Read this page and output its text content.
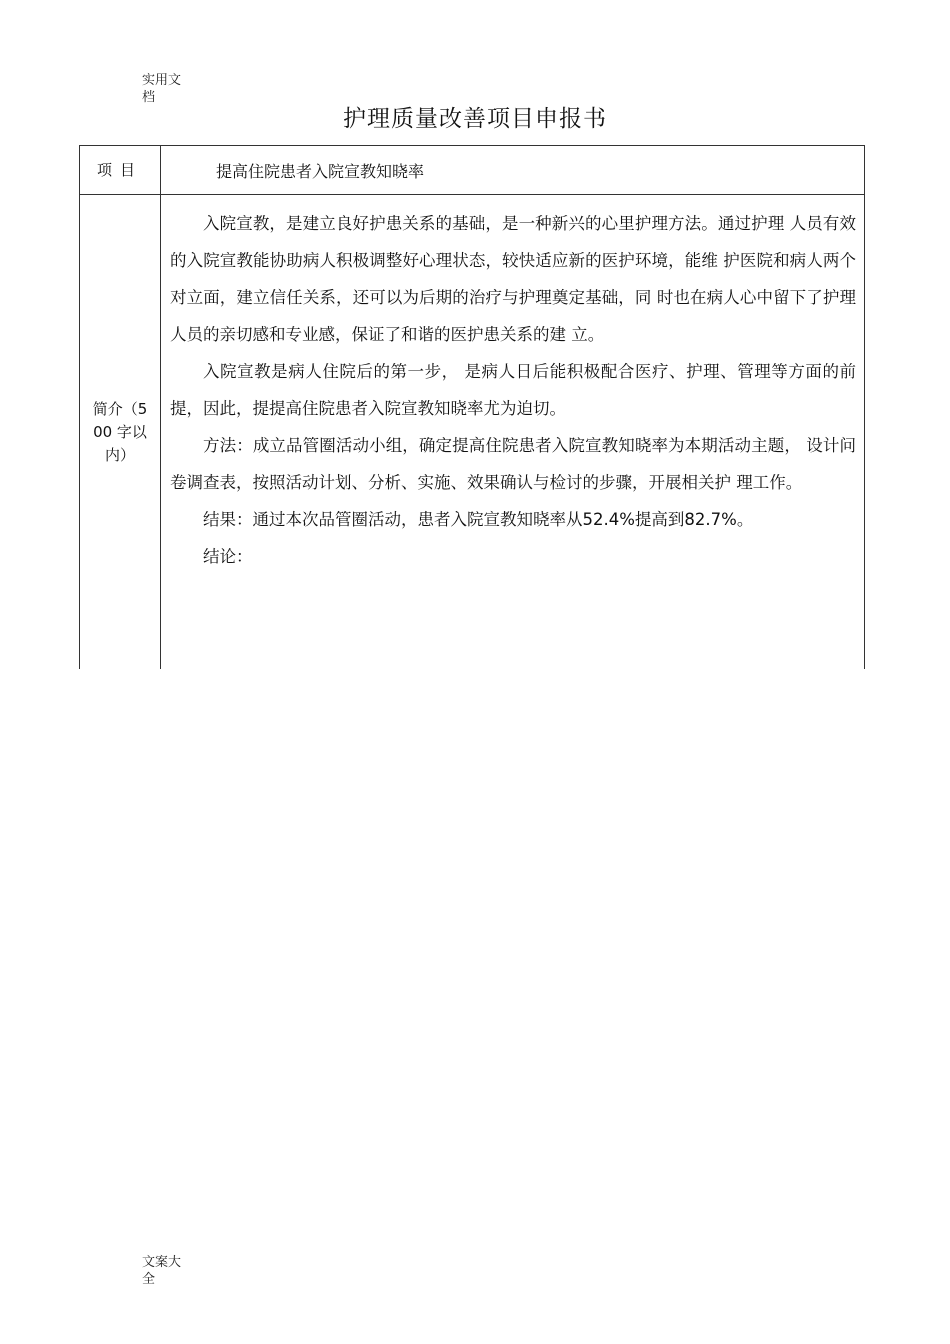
实用文档
护理质量改善项目申报书
项目	提高住院患者入院宣教知晓率
简介（500 字以内）	入院宣教，是建立良好护患关系的基础，是一种新兴的心里护理方法。通过护理 人员有效的入院宣教能协助病人积极调整好心理状态，较快适应新的医护环境，能维 护医院和病人两个对立面，建立信任关系，还可以为后期的治疗与护理奠定基础，同 时也在病人心中留下了护理人员的亲切感和专业感，保证了和谐的医护患关系的建 立。

入院宣教是病人住院后的第一步， 是病人日后能积极配合医疗、护理、管理等方面的前提，因此，提提高住院患者入院宣教知晓率尤为迫切。

方法：成立品管圈活动小组，确定提高住院患者入院宣教知晓率为本期活动主题， 设计问卷调查表，按照活动计划、分析、实施、效果确认与检讨的步骤，开展相关护 理工作。

结果：通过本次品管圈活动，患者入院宣教知晓率从52.4%提高到82.7%。

结论：

文案大全
